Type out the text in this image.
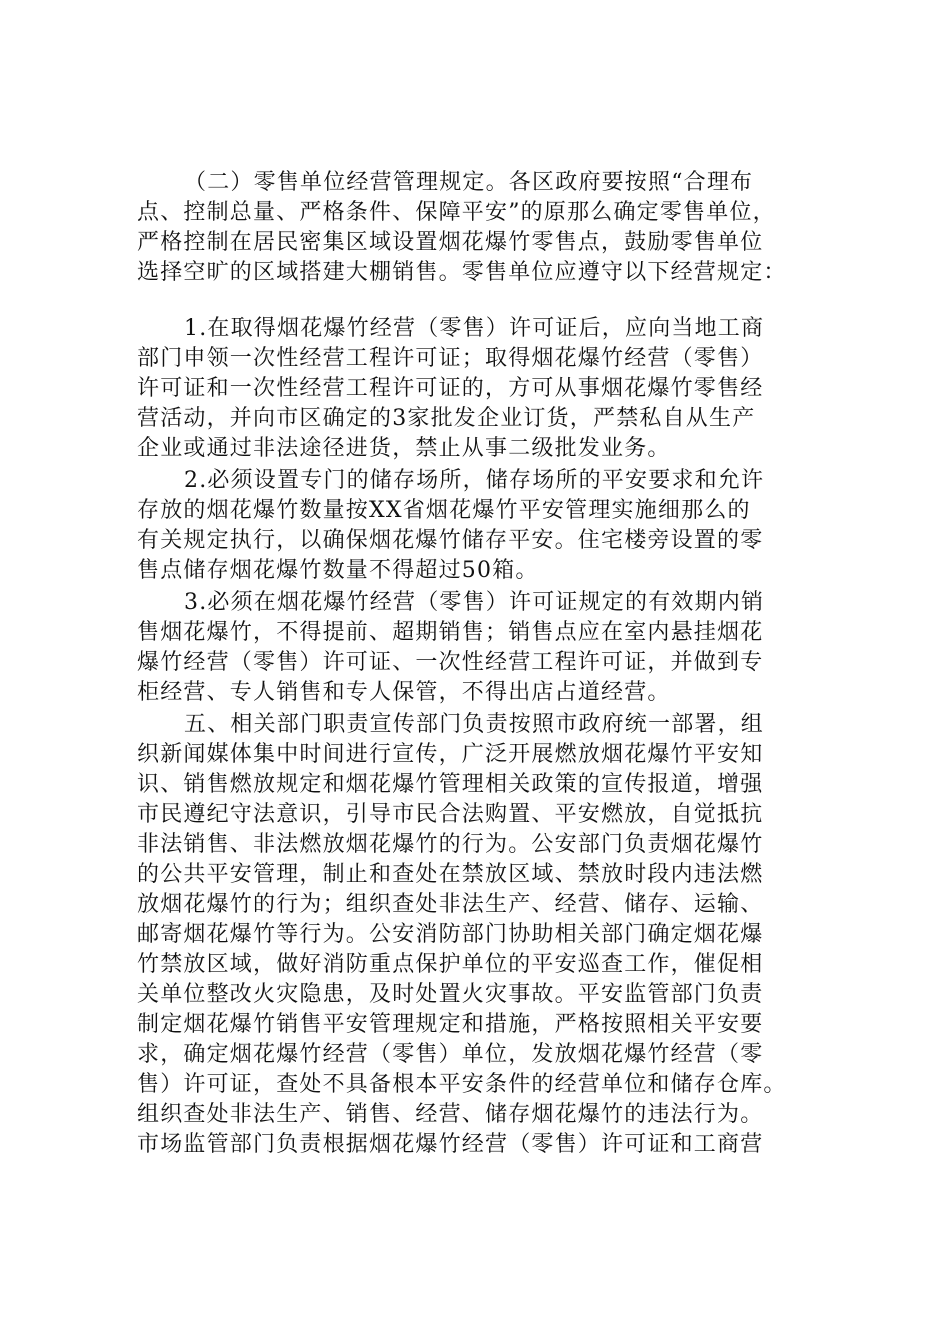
（二）零售单位经营管理规定。各区政府要按照“合理布
点、控制总量、严格条件、保障平安”的原那么确定零售单位，
严格控制在居民密集区域设置烟花爆竹零售点，鼓励零售单位
选择空旷的区域搭建大棚销售。零售单位应遵守以下经营规定：
1.在取得烟花爆竹经营（零售）许可证后，应向当地工商
部门申领一次性经营工程许可证；取得烟花爆竹经营（零售）
许可证和一次性经营工程许可证的，方可从事烟花爆竹零售经
营活动，并向市区确定的3家批发企业订货，严禁私自从生产
企业或通过非法途径进货，禁止从事二级批发业务。
2.必须设置专门的储存场所，储存场所的平安要求和允许
存放的烟花爆竹数量按XX省烟花爆竹平安管理实施细那么的
有关规定执行，以确保烟花爆竹储存平安。住宅楼旁设置的零
售点储存烟花爆竹数量不得超过50箱。
3.必须在烟花爆竹经营（零售）许可证规定的有效期内销
售烟花爆竹，不得提前、超期销售；销售点应在室内悬挂烟花
爆竹经营（零售）许可证、一次性经营工程许可证，并做到专
柜经营、专人销售和专人保管，不得出店占道经营。
五、相关部门职责宣传部门负责按照市政府统一部署，组
织新闻媒体集中时间进行宣传，广泛开展燃放烟花爆竹平安知
识、销售燃放规定和烟花爆竹管理相关政策的宣传报道，增强
市民遵纪守法意识，引导市民合法购置、平安燃放，自觉抵抗
非法销售、非法燃放烟花爆竹的行为。公安部门负责烟花爆竹
的公共平安管理，制止和查处在禁放区域、禁放时段内违法燃
放烟花爆竹的行为；组织查处非法生产、经营、储存、运输、
邮寄烟花爆竹等行为。公安消防部门协助相关部门确定烟花爆
竹禁放区域，做好消防重点保护单位的平安巡查工作，催促相
关单位整改火灾隐患，及时处置火灾事故。平安监管部门负责
制定烟花爆竹销售平安管理规定和措施，严格按照相关平安要
求，确定烟花爆竹经营（零售）单位，发放烟花爆竹经营（零
售）许可证，查处不具备根本平安条件的经营单位和储存仓库。
组织查处非法生产、销售、经营、储存烟花爆竹的违法行为。
市场监管部门负责根据烟花爆竹经营（零售）许可证和工商营
